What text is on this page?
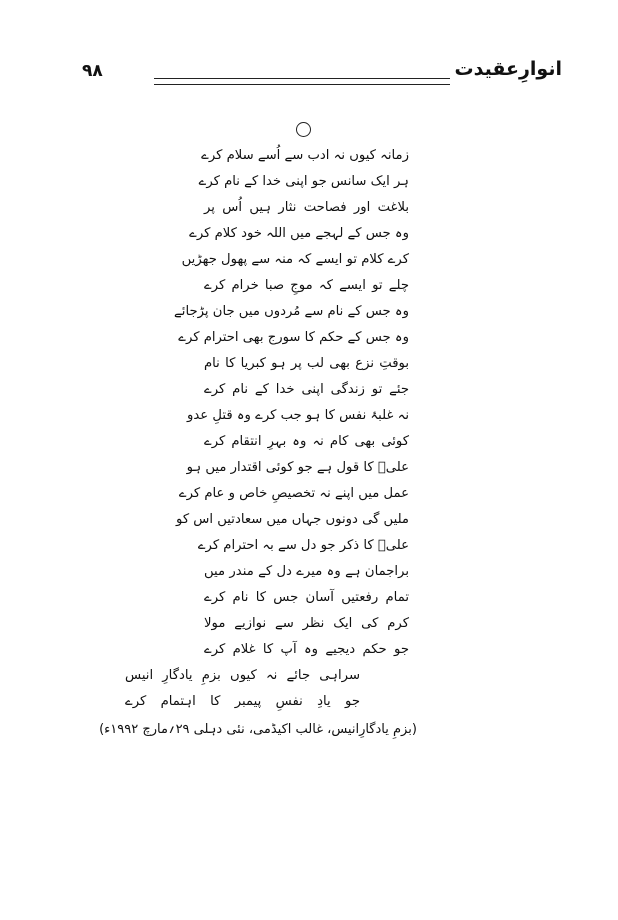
انوارِعقیدت
۹۸
زمانہ کیوں نہ ادب سے اُسے سلام کرے
ہر ایک سانس جو اپنی خدا کے نام کرے
بلاغت اور فصاحت نثار ہیں اُس پر
وہ جس کے لہجے میں اللہ خود کلام کرے
کرے کلام تو ایسے کہ منہ سے پھول جھڑیں
چلے تو ایسے کہ موجِ صبا خرام کرے
وہ جس کے نام سے مُردوں میں جان پڑجائے
وہ جس کے حکم کا سورج بھی احترام کرے
بوقتِ نزع بھی لب پر ہو کبریا کا نام
جئے تو زندگی اپنی خدا کے نام کرے
نہ غلبۂ نفس کا ہو جب کرے وہ قتلِ عدو
کوئی بھی کام نہ وہ بہرِ انتقام کرے
علیؑ کا قول ہے جو کوئی اقتدار میں ہو
عمل میں اپنے نہ تخصیصِ خاص و عام کرے
ملیں گی دونوں جہاں میں سعادتیں اس کو
علیؑ کا ذکر جو دل سے بہ احترام کرے
براجمان ہے وہ میرے دل کے مندر میں
تمام رفعتیں آسان جس کا نام کرے
کرم کی ایک نظر سے نوازیے مولا
جو حکم دیجیے وہ آپ کا غلام کرے
سراہی جائے نہ کیوں بزمِ یادگارِ انیس
جو یادِ نفسِ پیمبر کا اہتمام کرے
(بزمِ یادگارِانیس، غالب اکیڈمی، نئی دہلی ۲۹؍مارچ ۱۹۹۲ء)
